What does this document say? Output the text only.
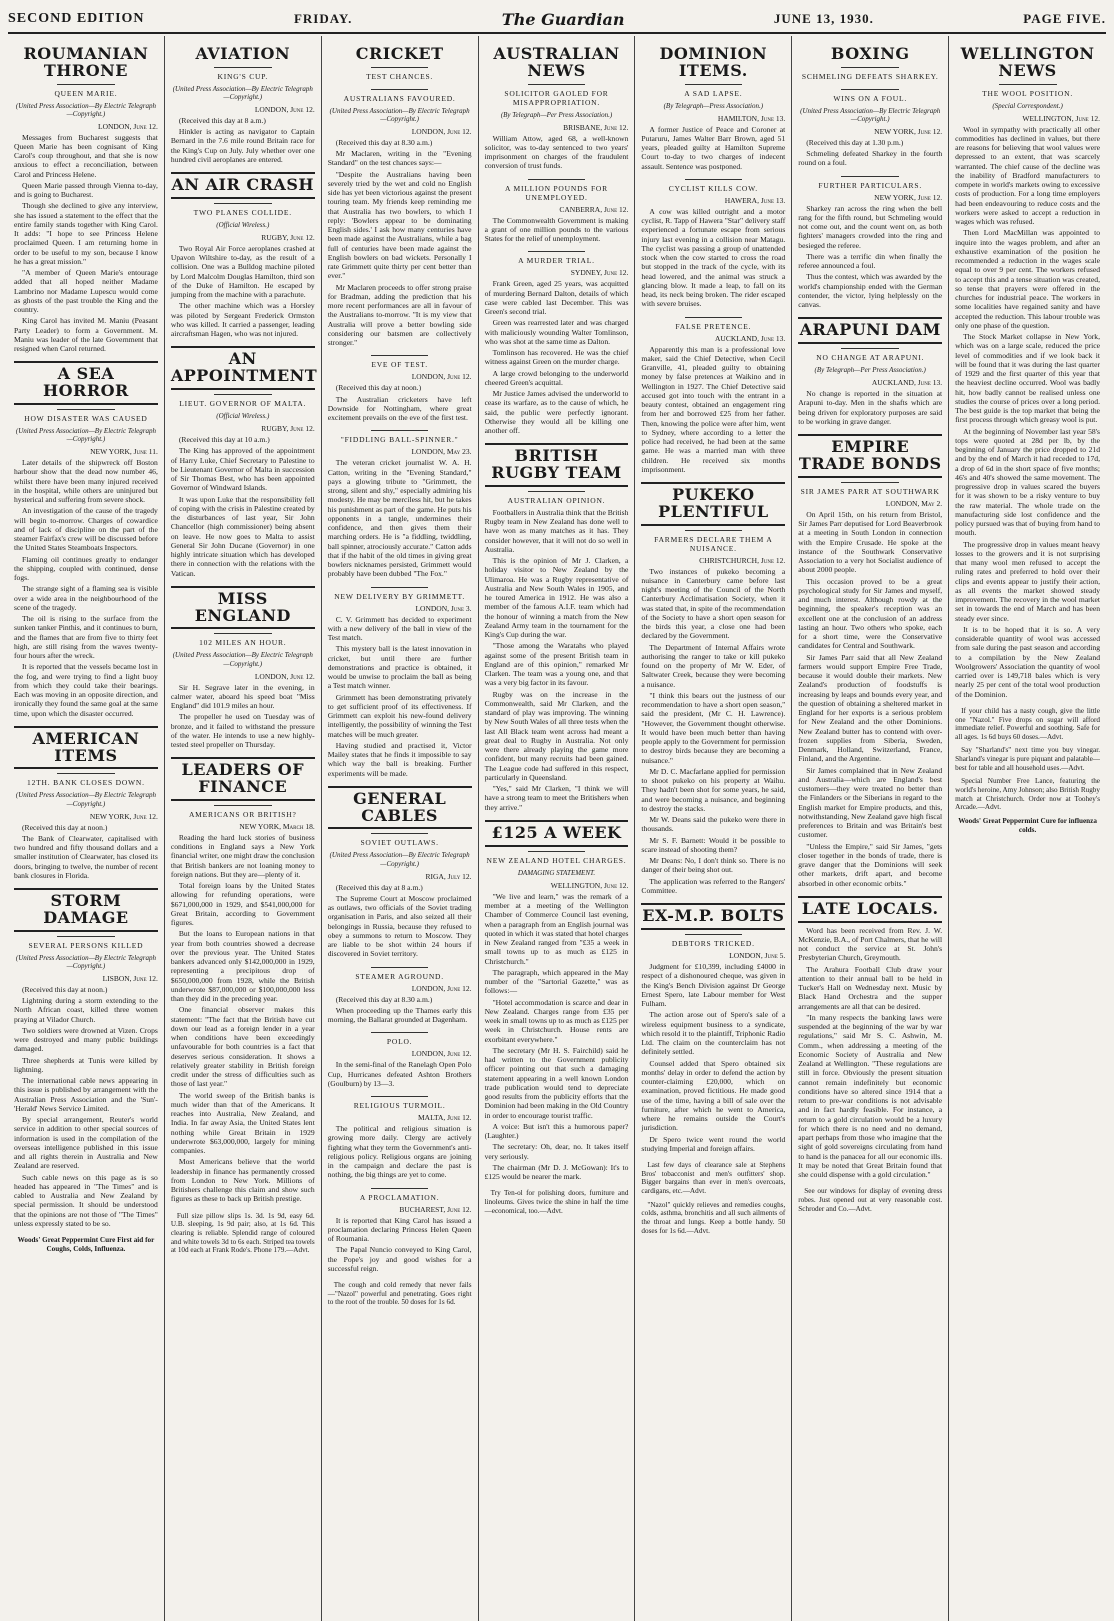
SECOND EDITION	FRIDAY.	The Guardian	JUNE 13, 1930.	PAGE FIVE.
ROUMANIAN THRONE
QUEEN MARIE.
(United Press Association—By Electric Telegraph—Copyright.)
LONDON, June 12.

Messages from Bucharest suggests that Queen Marie has been cognisant of King Carol's coup throughout, and that she is now anxious to effect a reconciliation, between Carol and Princess Helene.

Queen Marie passed through Vienna to-day, and is going to Bucharest.

Though she declined to give any interview, she has issued a statement to the effect that the entire family stands together with King Carol. It adds: "I hope to see Princess Helene proclaimed Queen. I am returning home in order to be useful to my son, because I know he has a great mission."

"A member of Queen Marie's entourage added that all hoped neither Madame Lambrino nor Madame Lupescu would come as ghosts of the past trouble the King and the country.

King Carol has invited M. Maniu (Peasant Party Leader) to form a Government. M. Maniu was leader of the late Government that resigned when Carol returned.

A SEA HORROR
HOW DISASTER WAS CAUSED
(United Press Association—By Electric Telegraph—Copyright.)
NEW YORK, June 11.

Later details of the shipwreck off Boston harbour show that the dead now number 46, whilst there have been many injured received in the hospital, while others are uninjured but hysterical and suffering from severe shock.

An investigation of the cause of the tragedy will begin to-morrow. Charges of cowardice and of lack of discipline on the part of the steamer Fairfax's crew will be discussed before the United States Steamboats Inspectors.

Flaming oil continues greatly to endanger the shipping, coupled with continued, dense fogs.

The strange sight of a flaming sea is visible over a wide area in the neighbourhood of the scene of the tragedy.

The oil is rising to the surface from the sunken tanker Pinthis, and it continues to burn, and the flames that are from five to thirty feet high, are still rising from the waves twenty-four hours after the wreck.

It is reported that the vessels became lost in the fog, and were trying to find a light buoy from which they could take their bearings. Each was moving in an opposite direction, and ironically they found the same goal at the same time, upon which the disaster occurred.

AMERICAN ITEMS
12TH. BANK CLOSES DOWN.
(United Press Association—By Electric Telegraph—Copyright.)
NEW YORK, June 12.

(Received this day at noon.)

The Bank of Clearwater, capitalised with two hundred and fifty thousand dollars and a smaller institution of Clearwater, has closed its doors, bringing to twelve, the number of recent bank closures in Florida.

STORM DAMAGE
SEVERAL PERSONS KILLED
(United Press Association—By Electric Telegraph—Copyright.)
LISBON, June 12.

(Received this day at noon.)

Lightning during a storm extending to the North African coast, killed three women praying at Vilador Church.

Two soldiers were drowned at Vizen. Crops were destroyed and many public buildings damaged.

Three shepherds at Tunis were killed by lightning.

The international cable news appearing in this issue is published by arrangement with the Australian Press Association and the 'Sun'-'Herald' News Service Limited.

By special arrangement, Reuter's world service in addition to other special sources of information is used in the compilation of the overseas intelligence published in this issue and all rights therein in Australia and New Zealand are reserved.

Such cable news on this page as is so headed has appeared in "The Times" and is cabled to Australia and New Zealand by special permission. It should be understood that the opinions are not those of "The Times" unless expressly stated to be so.

Woods' Great Peppermint Cure First aid for Coughs, Colds, Influenza.

AVIATION
KING'S CUP.
(United Press Association—By Electric Telegraph—Copyright.)
LONDON, June 12.

(Received this day at 8 a.m.)

Hinkler is acting as navigator to Captain Bernard in the 7.6 mile round Britain race for the King's Cup on July. July whether over one hundred civil aeroplanes are entered.

AN AIR CRASH
TWO PLANES COLLIDE.
(Official Wireless.)
RUGBY, June 12.

Two Royal Air Force aeroplanes crashed at Upavon Wiltshire to-day, as the result of a collision. One was a Bulldog machine piloted by Lord Malcolm Douglas Hamilton, third son of the Duke of Hamilton. He escaped by jumping from the machine with a parachute.

The other machine which was a Horsley was piloted by Sergeant Frederick Ormston who was killed. It carried a passenger, leading aircraftsman Hagen, who was not injured.

AN APPOINTMENT
LIEUT. GOVERNOR OF MALTA.
(Official Wireless.)
RUGBY, June 12.

(Received this day at 10 a.m.)

The King has approved of the appointment of Harry Luke, Chief Secretary to Palestine to be Lieutenant Governor of Malta in succession of Sir Thomas Best, who has been appointed Governor of Windward Islands.

It was upon Luke that the responsibility fell of coping with the crisis in Palestine created by the disturbances of last year, Sir John Chancellor (high commissioner) being absent on leave. He now goes to Malta to assist General Sir John Ducane (Governor) in one highly intricate situation which has developed there in connection with the relations with the Vatican.

MISS ENGLAND
102 MILES AN HOUR.
(United Press Association—By Electric Telegraph—Copyright.)
LONDON, June 12.

Sir H. Segrave later in the evening, in calmer water, aboard his speed boat "Miss England" did 101.9 miles an hour.

The propeller he used on Tuesday was of bronze, and it failed to withstand the pressure of the water. He intends to use a new highly-tested steel propeller on Thursday.

LEADERS OF FINANCE
AMERICANS OR BRITISH?
NEW YORK, March 18.

Reading the hard luck stories of business conditions in England says a New York financial writer, one might draw the conclusion that British bankers are not loaning money to foreign nations. But they are—plenty of it.

Total foreign loans by the United States allowing for refunding operations, were $671,000,000 in 1929, and $541,000,000 for Great Britain, according to Government figures.

But the loans to European nations in that year from both countries showed a decrease over the previous year. The United States bankers advanced only $142,000,000 in 1929, representing a precipitous drop of $650,000,000 from 1928, while the British underwrote $87,000,000 or $100,000,000 less than they did in the preceding year.

One financial observer makes this statement: "The fact that the British have cut down our lead as a foreign lender in a year when conditions have been exceedingly unfavourable for both countries is a fact that deserves serious consideration. It shows a relatively greater stability in British foreign credit under the stress of difficulties such as those of last year."

The world sweep of the British banks is much wider than that of the Americans. It reaches into Australia, New Zealand, and India. In far away Asia, the United States lent nothing while Great Britain in 1929 underwrote $63,000,000, largely for mining companies.

Most Americans believe that the world leadership in finance has permanently crossed from London to New York. Millions of Britishers challenge this claim and show such figures as these to back up British prestige.

Full size pillow slips 1s. 3d. 1s 9d, easy 6d. U.B. sleeping, 1s 9d pair; also, at 1s 6d. This clearing is reliable. Splendid range of coloured and white towels 3d to 6s each. Striped tea towels at 10d each at Frank Rode's. Phone 179.—Advt.

CRICKET
TEST CHANCES.
AUSTRALIANS FAVOURED.
(United Press Association—By Electric Telegraph—Copyright.)
LONDON, June 12.

(Received this day at 8.30 a.m.)

Mr Maclaren, writing in the "Evening Standard" on the test chances says:—

"Despite the Australians having been severely tried by the wet and cold no English side has yet been victorious against the present touring team. My friends keep reminding me that Australia has two bowlers, to which I reply: 'Bowlers appear to be dominating English sides.' I ask how many centuries have been made against the Australians, while a bag full of centuries have been made against the English bowlers on bad wickets. Personally I rate Grimmett quite thirty per cent better than ever."

Mr Maclaren proceeds to offer strong praise for Bradman, adding the prediction that his more recent performances are all in favour of the Australians to-morrow. "It is my view that Australia will prove a better bowling side considering our batsmen are collectively stronger."

EVE OF TEST.
LONDON, June 12.

(Received this day at noon.)

The Australian cricketers have left Downside for Nottingham, where great excitement prevails on the eve of the first test.

"FIDDLING BALL-SPINNER."
LONDON, May 23.

The veteran cricket journalist W. A. H. Catton, writing in the "Evening Standard," pays a glowing tribute to "Grimmett, the strong, silent and shy," especially admiring his modesty. He may be merciless hit, but he takes his punishment as part of the game. He puts his opponents in a tangle, undermines their confidence, and then gives them their marching orders. He is "a fiddling, twiddling, ball spinner, atrociously accurate." Catton adds that if the habit of the old times in giving great bowlers nicknames persisted, Grimmett would probably have been dubbed "The Fox."

NEW DELIVERY BY GRIMMETT.
LONDON, June 3.

C. V. Grimmett has decided to experiment with a new delivery of the ball in view of the Test match.

This mystery ball is the latest innovation in cricket, but until there are further demonstrations and practice is obtained, it would be unwise to proclaim the ball as being a Test match winner.

Grimmett has been demonstrating privately to get sufficient proof of its effectiveness. If Grimmett can exploit his new-found delivery intelligently, the possibility of winning the Test matches will be much greater.

Having studied and practised it, Victor Mailey states that he finds it impossible to say which way the ball is breaking. Further experiments will be made.

GENERAL CABLES
SOVIET OUTLAWS.
(United Press Association—By Electric Telegraph—Copyright.)
RIGA, July 12.

(Received this day at 8 a.m.)

The Supreme Court at Moscow proclaimed as outlaws, two officials of the Soviet trading organisation in Paris, and also seized all their belongings in Russia, because they refused to obey a summons to return to Moscow. They are liable to be shot within 24 hours if discovered in Soviet territory.

STEAMER AGROUND.
LONDON, June 12.

(Received this day at 8.30 a.m.)

When proceeding up the Thames early this morning, the Ballarat grounded at Dagenham.

POLO.
LONDON, June 12.

In the semi-final of the Ranelagh Open Polo Cup, Hurricanes defeated Ashton Brothers (Goulburn) by 13—3.

RELIGIOUS TURMOIL.
MALTA, June 12.

The political and religious situation is growing more daily. Clergy are actively fighting what they term the Government's anti-religious policy. Religious organs are joining in the campaign and declare the past is nothing, the big things are yet to come.

A PROCLAMATION.
BUCHAREST, June 12.

It is reported that King Carol has issued a proclamation declaring Princess Helen Queen of Roumania.

The Papal Nuncio conveyed to King Carol, the Pope's joy and good wishes for a successful reign.

The cough and cold remedy that never fails—"Nazol" powerful and penetrating. Goes right to the root of the trouble. 50 doses for 1s 6d.

AUSTRALIAN NEWS
SOLICITOR GAOLED FOR MISAPPROPRIATION.
(By Telegraph—Per Press Association.)
BRISBANE, June 12.

William Attow, aged 68, a well-known solicitor, was to-day sentenced to two years' imprisonment on charges of the fraudulent conversion of trust funds.

A MILLION POUNDS FOR UNEMPLOYED.
CANBERRA, June 12.

The Commonwealth Government is making a grant of one million pounds to the various States for the relief of unemployment.

A MURDER TRIAL.
SYDNEY, June 12.

Frank Green, aged 25 years, was acquitted of murdering Bernard Dalton, details of which case were cabled last December. This was Green's second trial.

Green was rearrested later and was charged with maliciously wounding Walter Tomlinson, who was shot at the same time as Dalton.

Tomlinson has recovered. He was the chief witness against Green on the murder charge.

A large crowd belonging to the underworld cheered Green's acquittal.

Mr Justice James advised the underworld to cease its warfare, as to the cause of which, he said, the public were perfectly ignorant. Otherwise they would all be killing one another off.

BRITISH RUGBY TEAM
AUSTRALIAN OPINION.

Footballers in Australia think that the British Rugby team in New Zealand has done well to have won as many matches as it has. They consider however, that it will not do so well in Australia.

This is the opinion of Mr J. Clarken, a holiday visitor to New Zealand by the Ulimaroa. He was a Rugby representative of Australia and New South Wales in 1905, and he toured America in 1912. He was also a member of the famous A.I.F. team which had the honour of winning a match from the New Zealand Army team in the tournament for the King's Cup during the war.

"Those among the Waratahs who played against some of the present British team in England are of this opinion," remarked Mr Clarken. The team was a young one, and that was a very big factor in its favour.

Rugby was on the increase in the Commonwealth, said Mr Clarken, and the standard of play was improving. The winning by New South Wales of all three tests when the last All Black team went across had meant a great deal to Rugby in Australia. Not only were there already playing the game more confident, but many recruits had been gained. The League code had suffered in this respect, particularly in Queensland.

"Yes," said Mr Clarken, "I think we will have a strong team to meet the Britishers when they arrive."

£125 A WEEK
NEW ZEALAND HOTEL CHARGES.
DAMAGING STATEMENT.
WELLINGTON, June 12.

"We live and learn," was the remark of a member at a meeting of the Wellington Chamber of Commerce Council last evening, when a paragraph from an English journal was quoted in which it was stated that hotel charges in New Zealand ranged from "£35 a week in small towns up to as much as £125 in Christchurch."

The paragraph, which appeared in the May number of the "Sartorial Gazette," was as follows:—

"Hotel accommodation is scarce and dear in New Zealand. Charges range from £35 per week in small towns up to as much as £125 per week in Christchurch. House rents are exorbitant everywhere."

The secretary (Mr H. S. Fairchild) said he had written to the Government publicity officer pointing out that such a damaging statement appearing in a well known London trade publication would tend to depreciate good results from the publicity efforts that the Dominion had been making in the Old Country in order to encourage tourist traffic.

A voice: But isn't this a humorous paper? (Laughter.)

The secretary: Oh, dear, no. It takes itself very seriously.

The chairman (Mr D. J. McGowan): It's to £125 would be nearer the mark.

Try Ten-ol for polishing doors, furniture and linoleums. Gives twice the shine in half the time—economical, too.—Advt.

DOMINION ITEMS.
A SAD LAPSE.
(By Telegraph—Press Association.)
HAMILTON, June 13.

A former Justice of Peace and Coroner at Putaruru, James Walter Barr Brown, aged 51 years, pleaded guilty at Hamilton Supreme Court to-day to two charges of indecent assault. Sentence was postponed.

CYCLIST KILLS COW.
HAWERA, June 13.

A cow was killed outright and a motor cyclist, R. Tapp of Hawera "Star" delivery staff experienced a fortunate escape from serious injury last evening in a collision near Matagu. The cyclist was passing a group of unattended stock when the cow started to cross the road but stopped in the track of the cycle, with its head lowered, and the animal was struck a glancing blow. It made a leap, to fall on its head, its neck being broken. The rider escaped with severe bruises.

FALSE PRETENCE.
AUCKLAND, June 13.

Apparently this man is a professional love maker, said the Chief Detective, when Cecil Granville, 41, pleaded guilty to obtaining money by false pretences at Waikino and in Wellington in 1927. The Chief Detective said accused got into touch with the entrant in a beauty contest, obtained an engagement ring from her and borrowed £25 from her father. Then, knowing the police were after him, went to Sydney, where according to a letter the police had received, he had been at the same game. He was a married man with three children. He received six months imprisonment.

PUKEKO PLENTIFUL
FARMERS DECLARE THEM A NUISANCE.
CHRISTCHURCH, June 12.

Two instances of pukeko becoming a nuisance in Canterbury came before last night's meeting of the Council of the North Canterbury Acclimatisation Society, when it was stated that, in spite of the recommendation of the Society to have a short open season for the birds this year, a close one had been declared by the Government.

The Department of Internal Affairs wrote authorising the ranger to take or kill pukeko found on the property of Mr W. Eder, of Saltwater Creek, because they were becoming a nuisance.

"I think this bears out the justness of our recommendation to have a short open season," said the president, (Mr C. H. Lawrence). "However, the Government thought otherwise. It would have been much better than having people apply to the Government for permission to destroy birds because they are becoming a nuisance."

Mr D. C. Macfarlane applied for permission to shoot pukeko on his property at Waihu. They hadn't been shot for some years, he said, and were becoming a nuisance, and beginning to destroy the stacks.

Mr W. Deans said the pukeko were there in thousands.

Mr S. F. Barnett: Would it be possible to scare instead of shooting them?

Mr Deans: No, I don't think so. There is no danger of their being shot out.

The application was referred to the Rangers' Committee.

EX-M.P. BOLTS
DEBTORS TRICKED.
LONDON, June 5.

Judgment for £10,399, including £4000 in respect of a dishonoured cheque, was given in the King's Bench Division against Dr George Ernest Spero, late Labour member for West Fulham.

The action arose out of Spero's sale of a wireless equipment business to a syndicate, which resold it to the plaintiff, Triphonic Radio Ltd. The claim on the counterclaim has not definitely settled.

Counsel added that Spero obtained six months' delay in order to defend the action by counter-claiming £20,000, which on examination, proved fictitious. He made good use of the time, having a bill of sale over the furniture, after which he went to America, where he remains outside the Court's jurisdiction.

Dr Spero twice went round the world studying Imperial and foreign affairs.

Last few days of clearance sale at Stephens Bros' tobacconist and men's outfitters' shop. Bigger bargains than ever in men's overcoats, cardigans, etc.—Advt.

"Nazol" quickly relieves and remedies coughs, colds, asthma, bronchitis and all such ailments of the throat and lungs. Keep a bottle handy. 50 doses for 1s 6d.—Advt.

BOXING
SCHMELING DEFEATS SHARKEY.
WINS ON A FOUL.
(United Press Association—By Electric Telegraph—Copyright.)
NEW YORK, June 12.

(Received this day at 1.30 p.m.)

Schmeling defeated Sharkey in the fourth round on a foul.

FURTHER PARTICULARS.
NEW YORK, June 12.

Sharkey ran across the ring when the bell rang for the fifth round, but Schmeling would not come out, and the count went on, as both fighters' managers crowded into the ring and besieged the referee.

There was a terrific din when finally the referee announced a foul.

Thus the contest, which was awarded by the world's championship ended with the German contender, the victor, lying helplessly on the canvas.

ARAPUNI DAM
NO CHANGE AT ARAPUNI.
(By Telegraph—Per Press Association.)
AUCKLAND, June 13.

No change is reported in the situation at Arapuni to-day. Men in the shafts which are being driven for exploratory purposes are said to be working in grave danger.

EMPIRE TRADE BONDS
SIR JAMES PARR AT SOUTHWARK
LONDON, May 2.

On April 15th, on his return from Bristol, Sir James Parr deputised for Lord Beaverbrook at a meeting in South London in connection with the Empire Crusade. He spoke at the instance of the Southwark Conservative Association to a very hot Socialist audience of about 2000 people.

This occasion proved to be a great psychological study for Sir James and myself, and much interest. Although rowdy at the beginning, the speaker's reception was an excellent one at the conclusion of an address lasting an hour. Two others who spoke, each for a short time, were the Conservative candidates for Central and Southwark.

Sir James Parr said that all New Zealand farmers would support Empire Free Trade, because it would double their markets. New Zealand's production of foodstuffs is increasing by leaps and bounds every year, and the question of obtaining a sheltered market in England for her exports is a serious problem for New Zealand and the other Dominions. New Zealand butter has to contend with over-frozen supplies from Siberia, Sweden, Denmark, Holland, Switzerland, France, Finland, and the Argentine.

Sir James complained that in New Zealand and Australia—which are England's best customers—they were treated no better than the Finlanders or the Siberians in regard to the English market for Empire products, and this, notwithstanding, New Zealand gave high fiscal preferences to Britain and was Britain's best customer.

"Unless the Empire," said Sir James, "gets closer together in the bonds of trade, there is grave danger that the Dominions will seek other markets, drift apart, and become absorbed in other economic orbits."

LATE LOCALS.

Word has been received from Rev. J. W. McKenzie, B.A., of Port Chalmers, that he will not conduct the service at St. John's Presbyterian Church, Greymouth.

The Arahura Football Club draw your attention to their annual ball to be held in Tucker's Hall on Wednesday next. Music by Black Hand Orchestra and the supper arrangements are all that can be desired.

"In many respects the banking laws were suspended at the beginning of the war by war regulations," said Mr S. C. Ashwin, M. Comm., when addressing a meeting of the Economic Society of Australia and New Zealand at Wellington. "These regulations are still in force. Obviously the present situation cannot remain indefinitely but economic conditions have so altered since 1914 that a return to pre-war conditions is not advisable and in fact hardly feasible. For instance, a return to a gold circulation would be a luxury for which there is no need and no demand, apart perhaps from those who imagine that the sight of gold sovereigns circulating from hand to hand is the panacea for all our economic ills. It may be noted that Great Britain found that she could dispense with a gold circulation."

See our windows for display of evening dress robes. Just opened out at very reasonable cost. Schroder and Co.—Advt.

WELLINGTON NEWS
THE WOOL POSITION.
(Special Correspondent.)
WELLINGTON, June 12.

Wool in sympathy with practically all other commodities has declined in values, but there are reasons for believing that wool values were depressed to an extent, that was scarcely warranted. The chief cause of the decline was the inability of Bradford manufacturers to compete in world's markets owing to excessive costs of production. For a long time employers had been endeavouring to reduce costs and the workers were asked to accept a reduction in wages which was refused.

Then Lord MacMillan was appointed to inquire into the wages problem, and after an exhaustive examination of the position he recommended a reduction in the wages scale equal to over 9 per cent. The workers refused to accept this and a tense situation was created, so tense that prayers were offered in the churches for industrial peace. The workers in some localities have regained sanity and have accepted the reduction. This labour trouble was only one phase of the question.

The Stock Market collapse in New York, which was on a large scale, reduced the price level of commodities and if we look back it will be found that it was during the last quarter of 1929 and the first quarter of this year that the heaviest decline occurred. Wool was badly hit, how badly cannot be realised unless one studies the course of prices over a long period. The best guide is the top market that being the first process through which greasy wool is put.

At the beginning of November last year 58's tops were quoted at 28d per lb, by the beginning of January the price dropped to 21d and by the end of March it had receded to 17d, a drop of 6d in the short space of five months; 46's and 40's showed the same movement. The progressive drop in values scared the buyers for it was shown to be a risky venture to buy the raw material. The whole trade on the manufacturing side lost confidence and the policy pursued was that of buying from hand to mouth.

The progressive drop in values meant heavy losses to the growers and it is not surprising that many wool men refused to accept the ruling rates and preferred to hold over their clips and events appear to justify their action, as all events the market showed steady improvement. The recovery in the wool market set in towards the end of March and has been steady ever since.

It is to be hoped that it is so. A very considerable quantity of wool was accessed from sale during the past season and according to a compilation by the New Zealand Woolgrowers' Association the quantity of wool carried over is 149,718 bales which is very nearly 25 per cent of the total wool production of the Dominion.

If your child has a nasty cough, give the little one "Nazol." Five drops on sugar will afford immediate relief. Powerful and soothing. Safe for all ages. 1s 6d buys 60 doses.—Advt.

Say "Sharland's" next time you buy vinegar. Sharland's vinegar is pure piquant and palatable—best for table and all household uses.—Advt.

Special Number Free Lance, featuring the world's heroine, Amy Johnson; also British Rugby match at Christchurch. Order now at Toohey's Arcade.—Advt.

Woods' Great Peppermint Cure for influenza colds.
